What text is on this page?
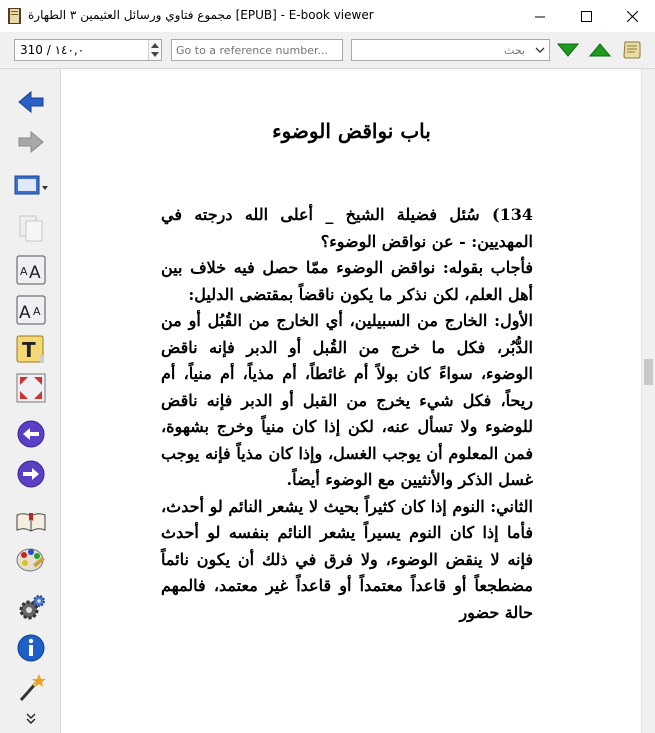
مجموع فتاوي ورسائل العثيمين ٣ الطهارة [EPUB] - E-book viewer
310 / ١٤٠,٠
Go to a reference number...
بحث
A A
A A
T
باب نواقض الوضوء

134) سُئل فضيلة الشيخ _ أعلى الله درجته في المهديين: - عن نواقض الوضوء؟

فأجاب بقوله: نواقض الوضوء ممّا حصل فيه خلاف بين أهل العلم، لكن نذكر ما يكون ناقضاً بمقتضى الدليل:

الأول: الخارج من السبيلين، أي الخارج من القُبُل أو من الدُّبُر، فكل ما خرج من القُبل أو الدبر فإنه ناقض الوضوء، سواءً كان بولاً أم غائطاً، أم مذياً، أم منياً، أم ريحاً، فكل شيء يخرج من القبل أو الدبر فإنه ناقض للوضوء ولا تسأل عنه، لكن إذا كان منياً وخرج بشهوة، فمن المعلوم أن يوجب الغسل، وإذا كان مذياً فإنه يوجب غسل الذكر والأنثيين مع الوضوء أيضاً.

الثاني: النوم إذا كان كثيراً بحيث لا يشعر النائم لو أحدث، فأما إذا كان النوم يسيراً يشعر النائم بنفسه لو أحدث فإنه لا ينقض الوضوء، ولا فرق في ذلك أن يكون نائماً مضطجعاً أو قاعداً معتمداً أو قاعداً غير معتمد، فالمهم حالة حضور
